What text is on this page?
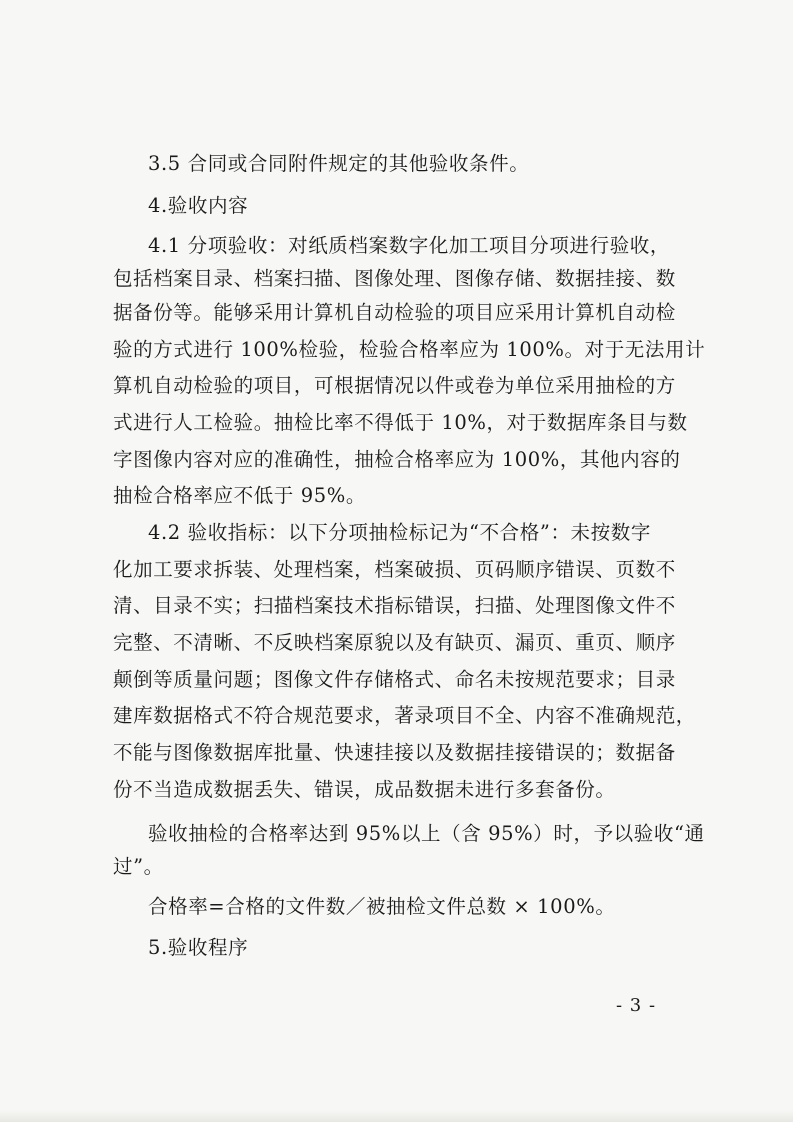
3.5 合同或合同附件规定的其他验收条件。
4.验收内容
4.1 分项验收：对纸质档案数字化加工项目分项进行验收，
包括档案目录、档案扫描、图像处理、图像存储、数据挂接、数
据备份等。能够采用计算机自动检验的项目应采用计算机自动检
验的方式进行 100%检验，检验合格率应为 100%。对于无法用计
算机自动检验的项目，可根据情况以件或卷为单位采用抽检的方
式进行人工检验。抽检比率不得低于 10%，对于数据库条目与数
字图像内容对应的准确性，抽检合格率应为 100%，其他内容的
抽检合格率应不低于 95%。
4.2 验收指标：以下分项抽检标记为“不合格”：未按数字
化加工要求拆装、处理档案，档案破损、页码顺序错误、页数不
清、目录不实；扫描档案技术指标错误，扫描、处理图像文件不
完整、不清晰、不反映档案原貌以及有缺页、漏页、重页、顺序
颠倒等质量问题；图像文件存储格式、命名未按规范要求；目录
建库数据格式不符合规范要求，著录项目不全、内容不准确规范，
不能与图像数据库批量、快速挂接以及数据挂接错误的；数据备
份不当造成数据丢失、错误，成品数据未进行多套备份。
验收抽检的合格率达到 95%以上（含 95%）时，予以验收“通
过”。
合格率=合格的文件数／被抽检文件总数 × 100%。
5.验收程序
- 3 -
